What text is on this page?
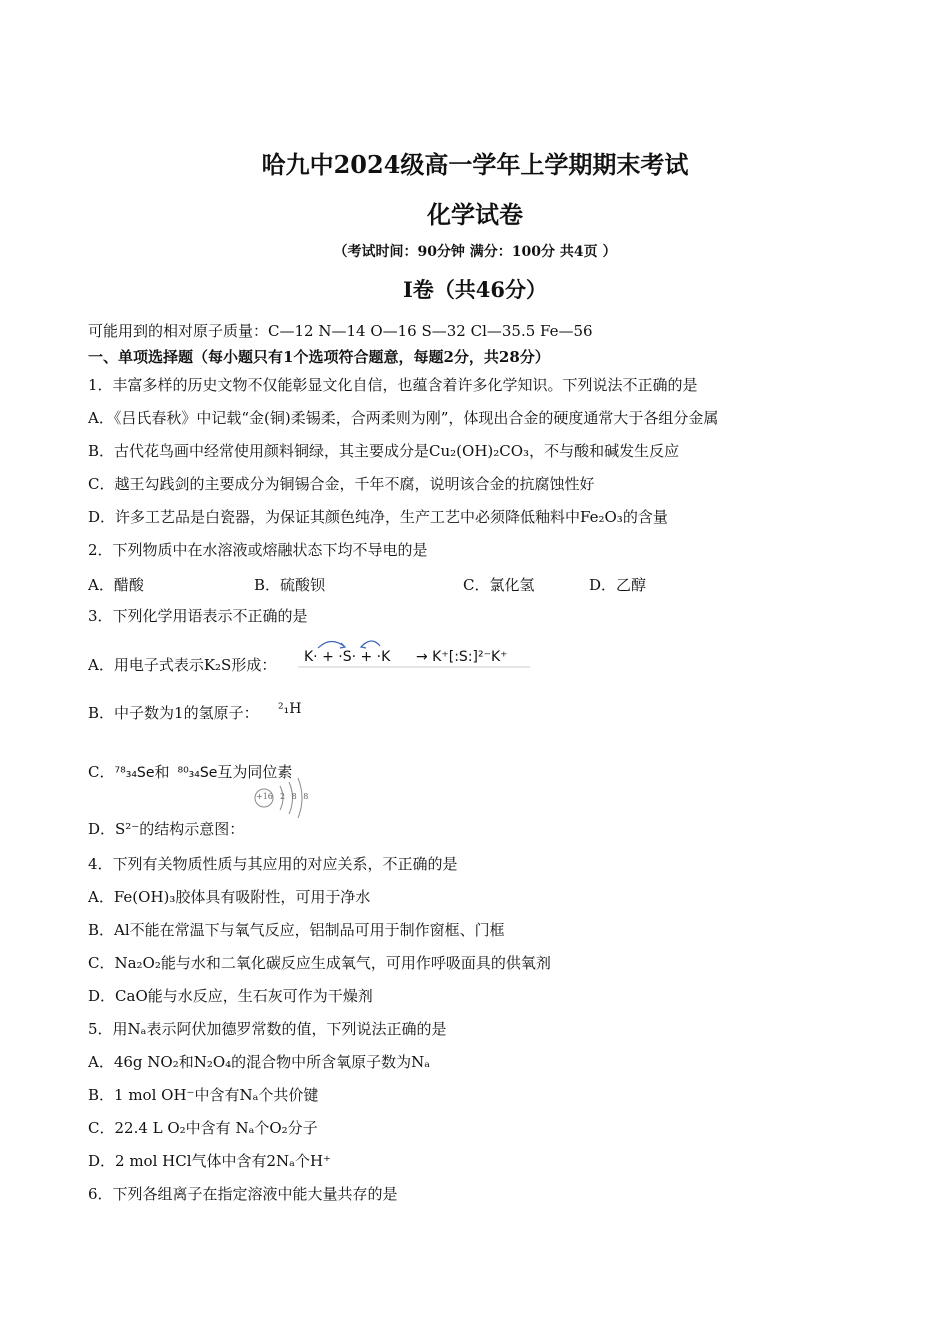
哈九中2024级高一学年上学期期末考试
化学试卷
（考试时间：90分钟 满分：100分 共4页 ）
Ⅰ卷（共46分）
可能用到的相对原子质量：C—12 N—14 O—16 S—32 Cl—35.5 Fe—56
一、单项选择题（每小题只有1个选项符合题意，每题2分，共28分）
1．丰富多样的历史文物不仅能彰显文化自信，也蕴含着许多化学知识。下列说法不正确的是
A．《吕氏春秋》中记载“金(铜)柔锡柔，合两柔则为刚”，体现出合金的硬度通常大于各组分金属
B．古代花鸟画中经常使用颜料铜绿，其主要成分是Cu₂(OH)₂CO₃，不与酸和碱发生反应
C．越王勾践剑的主要成分为铜锡合金，千年不腐，说明该合金的抗腐蚀性好
D．许多工艺品是白瓷器，为保证其颜色纯净，生产工艺中必须降低釉料中Fe₂O₃的含量
2．下列物质中在水溶液或熔融状态下均不导电的是
A．醋酸	B．硫酸钡	C．氯化氢	D．乙醇
3．下列化学用语表示不正确的是
A．用电子式表示K₂S形成： K· + ·S· + ·K → K⁺[:S:]²⁻K⁺
B．中子数为1的氢原子： ²₁H
C．⁷⁸₃₄Se和 ⁸⁰₃₄Se互为同位素
+16 2 8 8
D．S²⁻的结构示意图：
4．下列有关物质性质与其应用的对应关系，不正确的是
A．Fe(OH)₃胶体具有吸附性，可用于净水
B．Al不能在常温下与氧气反应，铝制品可用于制作窗框、门框
C．Na₂O₂能与水和二氧化碳反应生成氧气，可用作呼吸面具的供氧剂
D．CaO能与水反应，生石灰可作为干燥剂
5．用Nₐ表示阿伏加德罗常数的值，下列说法正确的是
A．46g NO₂和N₂O₄的混合物中所含氧原子数为Nₐ
B．1 mol OH⁻中含有Nₐ个共价键
C．22.4 L O₂中含有 Nₐ个O₂分子
D．2 mol HCl气体中含有2Nₐ个H⁺
6．下列各组离子在指定溶液中能大量共存的是
